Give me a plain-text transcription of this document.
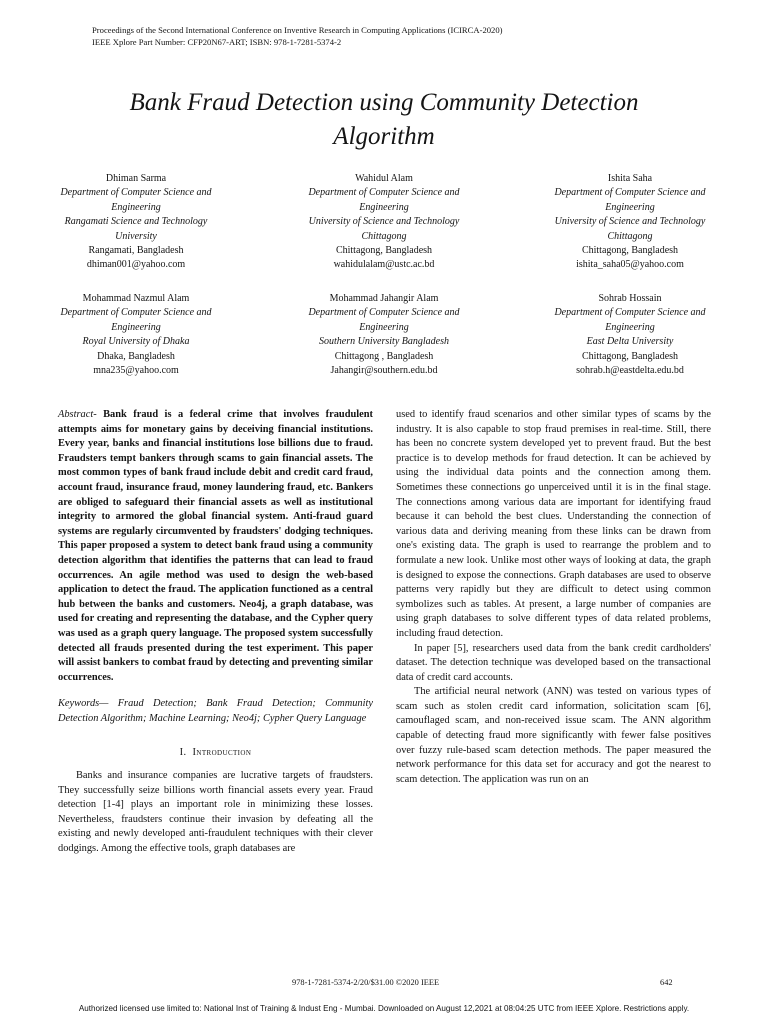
Proceedings of the Second International Conference on Inventive Research in Computing Applications (ICIRCA-2020)
IEEE Xplore Part Number: CFP20N67-ART; ISBN: 978-1-7281-5374-2
Bank Fraud Detection using Community Detection
Algorithm
Dhiman Sarma
Department of Computer Science and
Engineering
Rangamati Science and Technology
University
Rangamati, Bangladesh
dhiman001@yahoo.com
Wahidul Alam
Department of Computer Science and
Engineering
University of Science and Technology
Chittagong
Chittagong, Bangladesh
wahidulalam@ustc.ac.bd
Ishita Saha
Department of Computer Science and
Engineering
University of Science and Technology
Chittagong
Chittagong, Bangladesh
ishita_saha05@yahoo.com
Mohammad Nazmul Alam
Department of Computer Science and
Engineering
Royal University of Dhaka
Dhaka, Bangladesh
mna235@yahoo.com
Mohammad Jahangir Alam
Department of Computer Science and
Engineering
Southern University Bangladesh
Chittagong , Bangladesh
Jahangir@southern.edu.bd
Sohrab Hossain
Department of Computer Science and
Engineering
East Delta University
Chittagong, Bangladesh
sohrab.h@eastdelta.edu.bd

Abstract- Bank fraud is a federal crime that involves fraudulent attempts aims for monetary gains by deceiving financial institutions. Every year, banks and financial institutions lose billions due to fraud. Fraudsters tempt bankers through scams to gain financial assets. The most common types of bank fraud include debit and credit card fraud, account fraud, insurance fraud, money laundering fraud, etc. Bankers are obliged to safeguard their financial assets as well as institutional integrity to armored the global financial system. Anti-fraud guard systems are regularly circumvented by fraudsters' dodging techniques. This paper proposed a system to detect bank fraud using a community detection algorithm that identifies the patterns that can lead to fraud occurrences. An agile method was used to design the web-based application to detect the fraud. The application functioned as a central hub between the banks and customers. Neo4j, a graph database, was used for creating and representing the database, and the Cypher query was used as a graph query language. The proposed system successfully detected all frauds presented during the test experiment. This paper will assist bankers to combat fraud by detecting and preventing similar occurrences.

Keywords— Fraud Detection; Bank Fraud Detection; Community Detection Algorithm; Machine Learning; Neo4j; Cypher Query Language

I. Introduction

Banks and insurance companies are lucrative targets of fraudsters. They successfully seize billions worth financial assets every year. Fraud detection [1-4] plays an important role in minimizing these losses. Nevertheless, fraudsters continue their invasion by defeating all the existing and newly developed anti-fraudulent techniques with their clever dodgings. Among the effective tools, graph databases are

used to identify fraud scenarios and other similar types of scams by the industry. It is also capable to stop fraud premises in real-time. Still, there has been no concrete system developed yet to prevent fraud. But the best practice is to develop methods for fraud detection. It can be achieved by using the individual data points and the connection among them. Sometimes these connections go unperceived until it is in the final stage. The connections among various data are important for identifying fraud because it can behold the best clues. Understanding the connection of various data and deriving meaning from these links can be drawn from one's existing data. The graph is used to rearrange the problem and to formulate a new look. Unlike most other ways of looking at data, the graph is designed to expose the connections. Graph databases are used to observe patterns very rapidly but they are difficult to detect using common symbolizes such as tables. At present, a large number of companies are using graph databases to solve different types of data related problems, including fraud detection.

In paper [5], researchers used data from the bank credit cardholders' dataset. The detection technique was developed based on the transactional data of credit card accounts.

The artificial neural network (ANN) was tested on various types of scam such as stolen credit card information, solicitation scam [6], camouflaged scam, and non-received issue scam. The ANN algorithm capable of detecting fraud more significantly with fewer false positives over fuzzy rule-based scam detection methods. The paper measured the network performance for this data set for accuracy and got the nearest to scam detection. The application was run on an

978-1-7281-5374-2/20/$31.00 ©2020 IEEE	642
Authorized licensed use limited to: National Inst of Training & Indust Eng - Mumbai. Downloaded on August 12,2021 at 08:04:25 UTC from IEEE Xplore. Restrictions apply.
